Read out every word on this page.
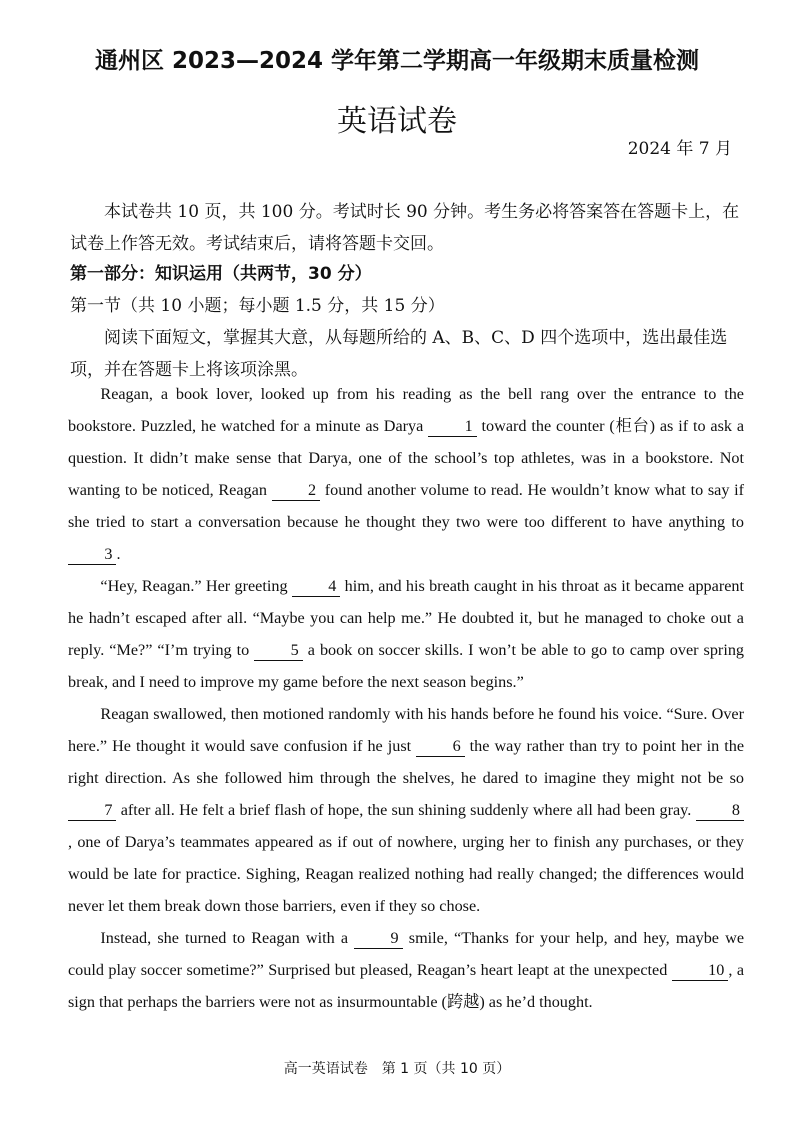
通州区 2023—2024 学年第二学期高一年级期末质量检测
英语试卷
2024 年 7 月
本试卷共 10 页，共 100 分。考试时长 90 分钟。考生务必将答案答在答题卡上，在试卷上作答无效。考试结束后，请将答题卡交回。
第一部分：知识运用（共两节，30 分）
第一节（共 10 小题；每小题 1.5 分，共 15 分）
阅读下面短文，掌握其大意，从每题所给的 A、B、C、D 四个选项中，选出最佳选项，并在答题卡上将该项涂黑。

Reagan, a book lover, looked up from his reading as the bell rang over the entrance to the bookstore. Puzzled, he watched for a minute as Darya	1 toward the counter (柜台) as if to ask a question. It didn’t make sense that Darya, one of the school’s top athletes, was in a bookstore. Not wanting to be noticed, Reagan	2 found another volume to read. He wouldn’t know what to say if she tried to start a conversation because he thought they two were too different to have anything to 3 .

“Hey, Reagan.” Her greeting	4 him, and his breath caught in his throat as it became apparent he hadn’t escaped after all. “Maybe you can help me.” He doubted it, but he managed to choke out a reply. “Me?” “I’m trying to	5 a book on soccer skills. I won’t be able to go to camp over spring break, and I need to improve my game before the next season begins.”

Reagan swallowed, then motioned randomly with his hands before he found his voice. “Sure. Over here.” He thought it would save confusion if he just	6 the way rather than try to point her in the right direction. As she followed him through the shelves, he dared to imagine they might not be so 7 after all. He felt a brief flash of hope, the sun shining suddenly where all had been gray.	8, one of Darya’s teammates appeared as if out of nowhere, urging her to finish any purchases, or they would be late for practice. Sighing, Reagan realized nothing had really changed; the differences would never let them break down those barriers, even if they so chose.

Instead, she turned to Reagan with a	9 smile, “Thanks for your help, and hey, maybe we could play soccer sometime?” Surprised but pleased, Reagan’s heart leapt at the unexpected	10 , a sign that perhaps the barriers were not as insurmountable (跨越) as he’d thought.

高一英语试卷　第 1 页（共 10 页）
